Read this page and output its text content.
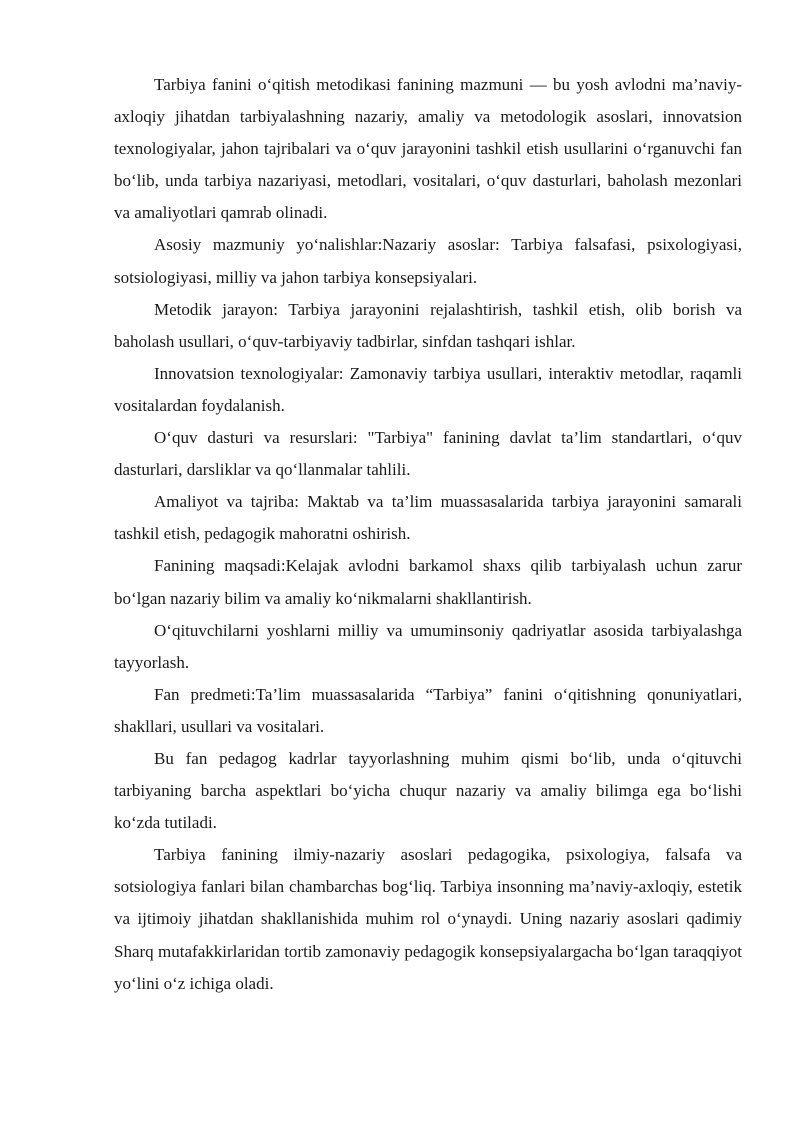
Tarbiya fanini o‘qitish metodikasi fanining mazmuni — bu yosh avlodni ma’naviy-axloqiy jihatdan tarbiyalashning nazariy, amaliy va metodologik asoslari, innovatsion texnologiyalar, jahon tajribalari va o‘quv jarayonini tashkil etish usullarini o‘rganuvchi fan bo‘lib, unda tarbiya nazariyasi, metodlari, vositalari, o‘quv dasturlari, baholash mezonlari va amaliyotlari qamrab olinadi.

Asosiy mazmuniy yo‘nalishlar:Nazariy asoslar: Tarbiya falsafasi, psixologiyasi, sotsiologiyasi, milliy va jahon tarbiya konsepsiyalari.

Metodik jarayon: Tarbiya jarayonini rejalashtirish, tashkil etish, olib borish va baholash usullari, o‘quv-tarbiyaviy tadbirlar, sinfdan tashqari ishlar.

Innovatsion texnologiyalar: Zamonaviy tarbiya usullari, interaktiv metodlar, raqamli vositalardan foydalanish.

O‘quv dasturi va resurslari: "Tarbiya" fanining davlat ta’lim standartlari, o‘quv dasturlari, darsliklar va qo‘llanmalar tahlili.

Amaliyot va tajriba: Maktab va ta’lim muassasalarida tarbiya jarayonini samarali tashkil etish, pedagogik mahoratni oshirish.

Fanining maqsadi:Kelajak avlodni barkamol shaxs qilib tarbiyalash uchun zarur bo‘lgan nazariy bilim va amaliy ko‘nikmalarni shakllantirish.

O‘qituvchilarni yoshlarni milliy va umuminsoniy qadriyatlar asosida tarbiyalashga tayyorlash.

Fan predmeti:Ta’lim muassasalarida “Tarbiya” fanini o‘qitishning qonuniyatlari, shakllari, usullari va vositalari.

Bu fan pedagog kadrlar tayyorlashning muhim qismi bo‘lib, unda o‘qituvchi tarbiyaning barcha aspektlari bo‘yicha chuqur nazariy va amaliy bilimga ega bo‘lishi ko‘zda tutiladi.

Tarbiya fanining ilmiy-nazariy asoslari pedagogika, psixologiya, falsafa va sotsiologiya fanlari bilan chambarchas bog‘liq. Tarbiya insonning ma’naviy-axloqiy, estetik va ijtimoiy jihatdan shakllanishida muhim rol o‘ynaydi. Uning nazariy asoslari qadimiy Sharq mutafakkirlaridan tortib zamonaviy pedagogik konsepsiyalargacha bo‘lgan taraqqiyot yo‘lini o‘z ichiga oladi.
